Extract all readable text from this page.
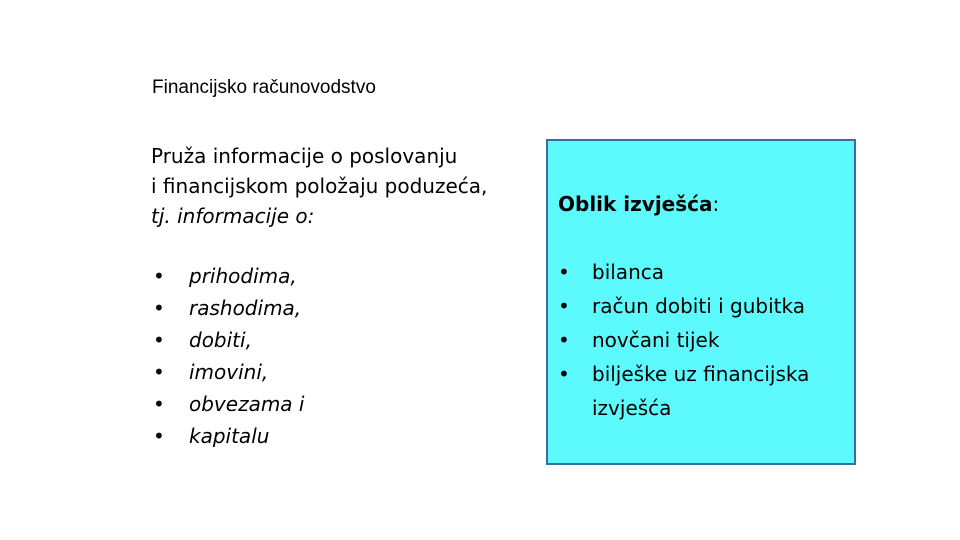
Financijsko računovodstvo
Pruža informacije o poslovanju
i financijskom položaju poduzeća,
tj. informacije o:
• prihodima,
• rashodima,
• dobiti,
• imovini,
• obvezama i
• kapitalu
Oblik izvješća:
• bilanca
• račun dobiti i gubitka
• novčani tijek
• bilješke uz financijska izvješća
